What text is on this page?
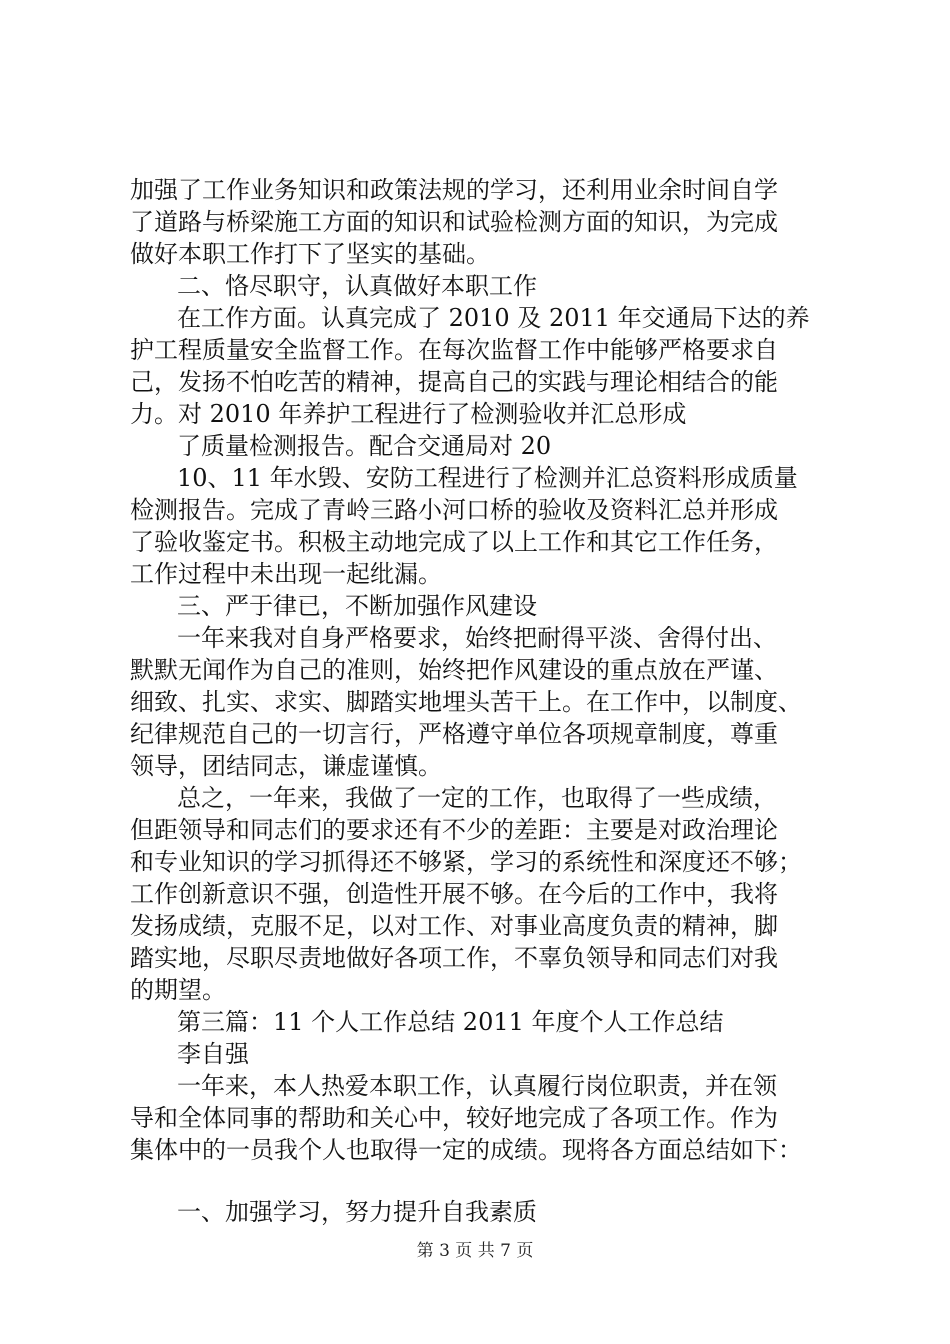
加强了工作业务知识和政策法规的学习，还利用业余时间自学
了道路与桥梁施工方面的知识和试验检测方面的知识，为完成
做好本职工作打下了坚实的基础。
二、恪尽职守，认真做好本职工作
在工作方面。认真完成了 2010 及 2011 年交通局下达的养
护工程质量安全监督工作。在每次监督工作中能够严格要求自
己，发扬不怕吃苦的精神，提高自己的实践与理论相结合的能
力。对 2010 年养护工程进行了检测验收并汇总形成
了质量检测报告。配合交通局对 20
10、11 年水毁、安防工程进行了检测并汇总资料形成质量
检测报告。完成了青岭三路小河口桥的验收及资料汇总并形成
了验收鉴定书。积极主动地完成了以上工作和其它工作任务，
工作过程中未出现一起纰漏。
三、严于律已，不断加强作风建设
一年来我对自身严格要求，始终把耐得平淡、舍得付出、
默默无闻作为自己的准则，始终把作风建设的重点放在严谨、
细致、扎实、求实、脚踏实地埋头苦干上。在工作中，以制度、
纪律规范自己的一切言行，严格遵守单位各项规章制度，尊重
领导，团结同志，谦虚谨慎。
总之，一年来，我做了一定的工作，也取得了一些成绩，
但距领导和同志们的要求还有不少的差距：主要是对政治理论
和专业知识的学习抓得还不够紧，学习的系统性和深度还不够；
工作创新意识不强，创造性开展不够。在今后的工作中，我将
发扬成绩，克服不足，以对工作、对事业高度负责的精神，脚
踏实地，尽职尽责地做好各项工作，不辜负领导和同志们对我
的期望。
第三篇：11 个人工作总结 2011 年度个人工作总结
李自强
一年来，本人热爱本职工作，认真履行岗位职责，并在领
导和全体同事的帮助和关心中，较好地完成了各项工作。作为
集体中的一员我个人也取得一定的成绩。现将各方面总结如下：
一、加强学习，努力提升自我素质
第 3 页 共 7 页
